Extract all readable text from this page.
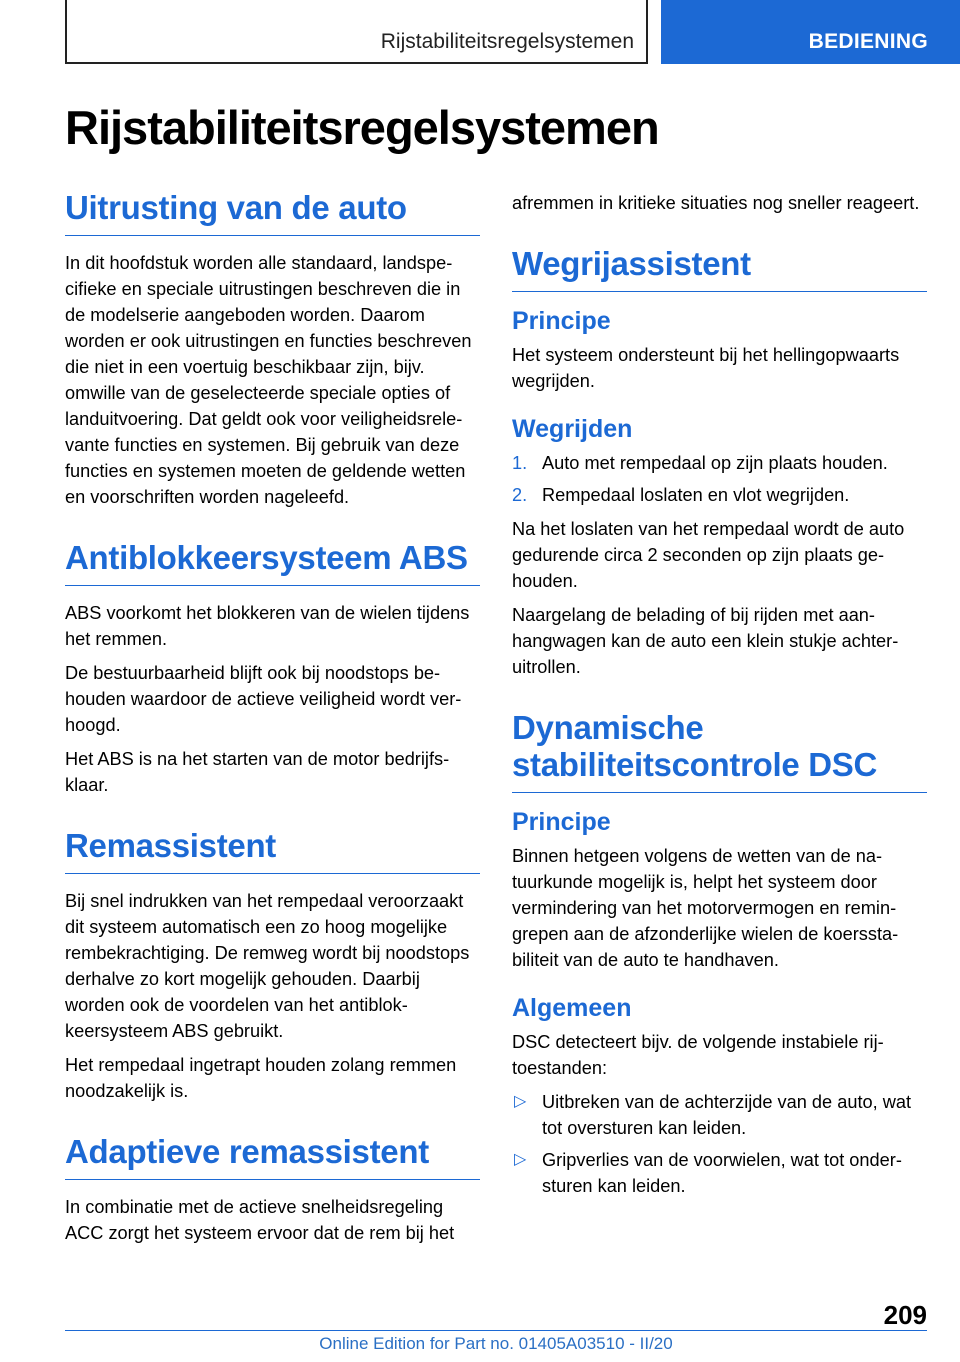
Rijstabiliteitsregelsystemen	BEDIENING
Rijstabiliteitsregelsystemen
Uitrusting van de auto

In dit hoofdstuk worden alle standaard, landspecifieke en speciale uitrustingen beschreven die in de modelserie aangeboden worden. Daarom worden er ook uitrustingen en functies beschreven die niet in een voertuig beschikbaar zijn, bijv. omwille van de geselecteerde speciale opties of landuitvoering. Dat geldt ook voor veiligheidsrelevante functies en systemen. Bij gebruik van deze functies en systemen moeten de geldende wetten en voorschriften worden nageleefd.

Antiblokkeersysteem ABS

ABS voorkomt het blokkeren van de wielen tijdens het remmen.

De bestuurbaarheid blijft ook bij noodstops behouden waardoor de actieve veiligheid wordt verhoogd.

Het ABS is na het starten van de motor bedrijfsklaar.

Remassistent

Bij snel indrukken van het rempedaal veroorzaakt dit systeem automatisch een zo hoog mogelijke rembekrachtiging. De remweg wordt bij noodstops derhalve zo kort mogelijk gehouden. Daarbij worden ook de voordelen van het antiblokkeersysteem ABS gebruikt.

Het rempedaal ingetrapt houden zolang remmen noodzakelijk is.

Adaptieve remassistent

In combinatie met de actieve snelheidsregeling ACC zorgt het systeem ervoor dat de rem bij het

afremmen in kritieke situaties nog sneller reageert.

Wegrijassistent
Principe

Het systeem ondersteunt bij het hellingopwaarts wegrijden.

Wegrijden
1. Auto met rempedaal op zijn plaats houden.
2. Rempedaal loslaten en vlot wegrijden.

Na het loslaten van het rempedaal wordt de auto gedurende circa 2 seconden op zijn plaats gehouden.

Naargelang de belading of bij rijden met aanhangwagen kan de auto een klein stukje achteruitrollen.

Dynamische stabiliteitscontrole DSC
Principe

Binnen hetgeen volgens de wetten van de natuurkunde mogelijk is, helpt het systeem door vermindering van het motorvermogen en remingrepen aan de afzonderlijke wielen de koersstabiliteit van de auto te handhaven.

Algemeen

DSC detecteert bijv. de volgende instabiele rijtoestanden:

▷ Uitbreken van de achterzijde van de auto, wat tot oversturen kan leiden.
▷ Gripverlies van de voorwielen, wat tot ondersturen kan leiden.
209
Online Edition for Part no. 01405A03510 - II/20
